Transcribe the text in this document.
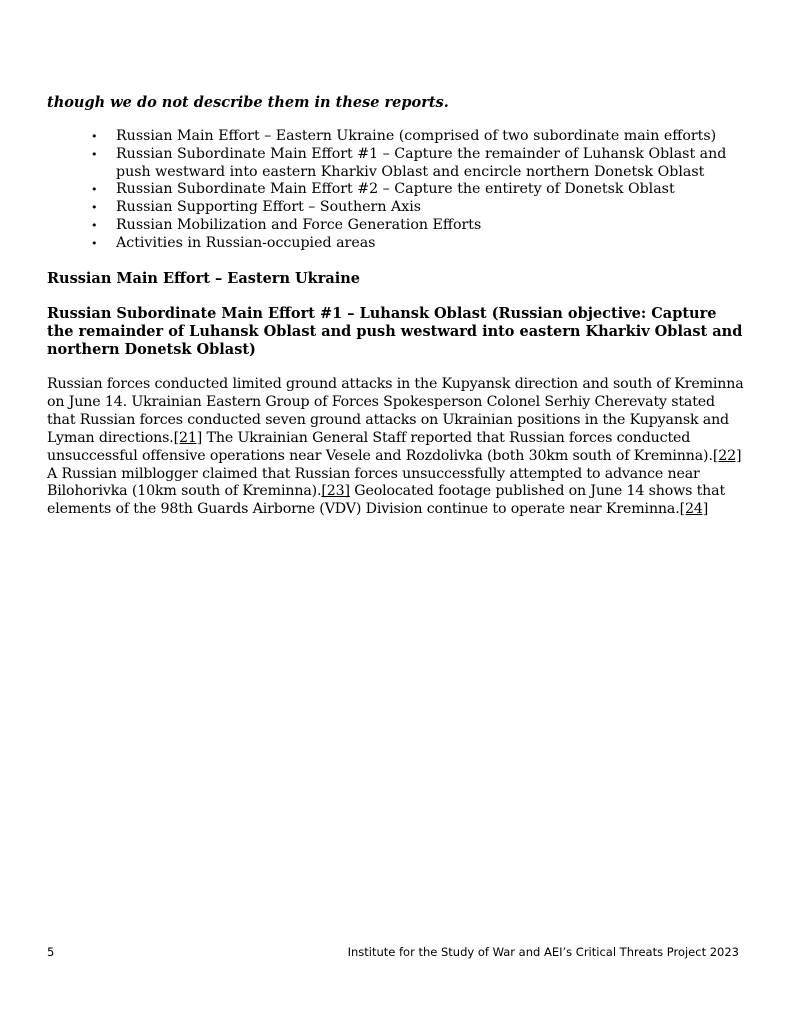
though we do not describe them in these reports.
•	Russian Main Effort – Eastern Ukraine (comprised of two subordinate main efforts)
•	Russian Subordinate Main Effort #1 – Capture the remainder of Luhansk Oblast and push westward into eastern Kharkiv Oblast and encircle northern Donetsk Oblast
•	Russian Subordinate Main Effort #2 – Capture the entirety of Donetsk Oblast
•	Russian Supporting Effort – Southern Axis
•	Russian Mobilization and Force Generation Efforts
•	Activities in Russian-occupied areas
Russian Main Effort – Eastern Ukraine
Russian Subordinate Main Effort #1 – Luhansk Oblast (Russian objective: Capture the remainder of Luhansk Oblast and push westward into eastern Kharkiv Oblast and northern Donetsk Oblast)

Russian forces conducted limited ground attacks in the Kupyansk direction and south of Kreminna on June 14. Ukrainian Eastern Group of Forces Spokesperson Colonel Serhiy Cherevaty stated that Russian forces conducted seven ground attacks on Ukrainian positions in the Kupyansk and Lyman directions.[21] The Ukrainian General Staff reported that Russian forces conducted unsuccessful offensive operations near Vesele and Rozdolivka (both 30km south of Kreminna).[22] A Russian milblogger claimed that Russian forces unsuccessfully attempted to advance near Bilohorivka (10km south of Kreminna).[23] Geolocated footage published on June 14 shows that elements of the 98th Guards Airborne (VDV) Division continue to operate near Kreminna.[24]

5	Institute for the Study of War and AEI’s Critical Threats Project 2023
